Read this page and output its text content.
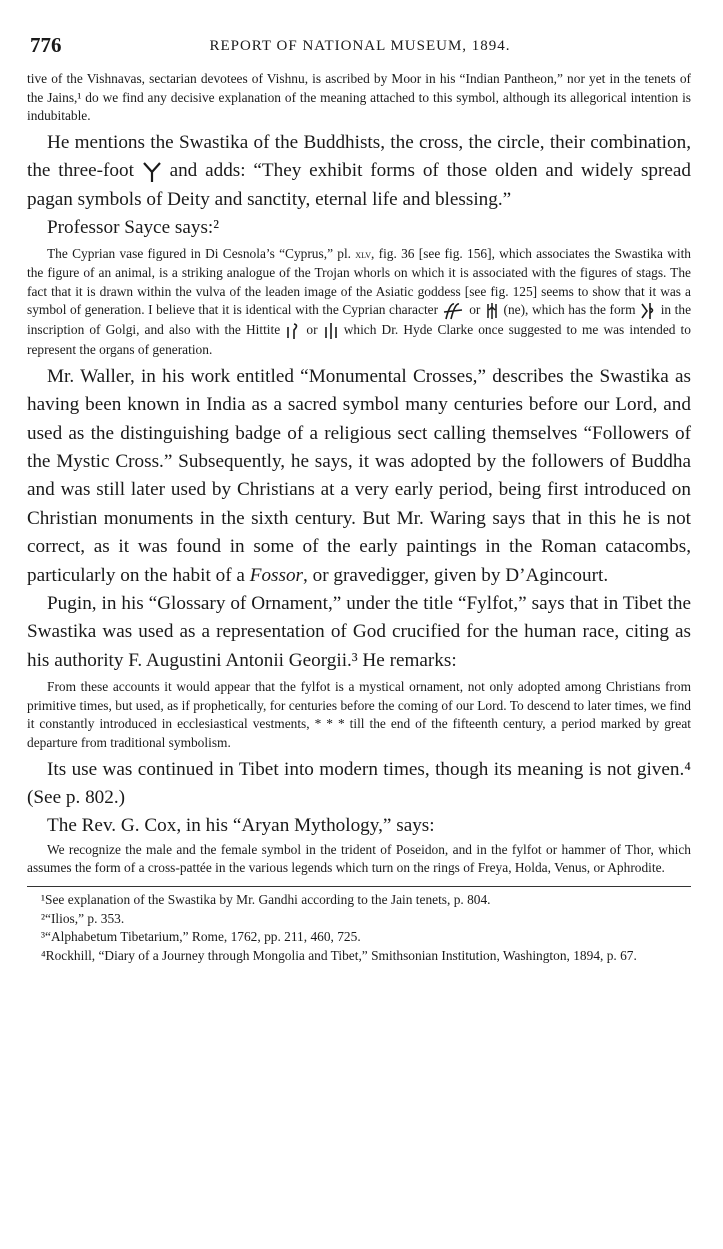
776	REPORT OF NATIONAL MUSEUM, 1894.

tive of the Vishnavas, sectarian devotees of Vishnu, is ascribed by Moor in his “Indian Pantheon,” nor yet in the tenets of the Jains,¹ do we find any decisive explanation of the meaning attached to this symbol, although its allegorical intention is indubitable.

He mentions the Swastika of the Buddhists, the cross, the circle, their combination, the three-foot and adds: “They exhibit forms of those olden and widely spread pagan symbols of Deity and sanctity, eternal life and blessing.”

Professor Sayce says:²

The Cyprian vase figured in Di Cesnola’s “Cyprus,” pl. xlv, fig. 36 [see fig. 156], which associates the Swastika with the figure of an animal, is a striking analogue of the Trojan whorls on which it is associated with the figures of stags. The fact that it is drawn within the vulva of the leaden image of the Asiatic goddess [see fig. 125] seems to show that it was a symbol of generation. I believe that it is identical with the Cyprian character or (ne), which has the form in the inscription of Golgi, and also with the Hittite or which Dr. Hyde Clarke once suggested to me was intended to represent the organs of generation.

Mr. Waller, in his work entitled “Monumental Crosses,” describes the Swastika as having been known in India as a sacred symbol many centuries before our Lord, and used as the distinguishing badge of a religious sect calling themselves “Followers of the Mystic Cross.” Subsequently, he says, it was adopted by the followers of Buddha and was still later used by Christians at a very early period, being first introduced on Christian monuments in the sixth century. But Mr. Waring says that in this he is not correct, as it was found in some of the early paintings in the Roman catacombs, particularly on the habit of a Fossor, or gravedigger, given by D’Agincourt.

Pugin, in his “Glossary of Ornament,” under the title “Fylfot,” says that in Tibet the Swastika was used as a representation of God crucified for the human race, citing as his authority F. Augustini Antonii Georgii.³ He remarks:

From these accounts it would appear that the fylfot is a mystical ornament, not only adopted among Christians from primitive times, but used, as if prophetically, for centuries before the coming of our Lord. To descend to later times, we find it constantly introduced in ecclesiastical vestments, * * * till the end of the fifteenth century, a period marked by great departure from traditional symbolism.

Its use was continued in Tibet into modern times, though its meaning is not given.⁴ (See p. 802.)

The Rev. G. Cox, in his “Aryan Mythology,” says:

We recognize the male and the female symbol in the trident of Poseidon, and in the fylfot or hammer of Thor, which assumes the form of a cross-pattée in the various legends which turn on the rings of Freya, Holda, Venus, or Aphrodite.

¹See explanation of the Swastika by Mr. Gandhi according to the Jain tenets, p. 804.

²“Ilios,” p. 353.

³“Alphabetum Tibetarium,” Rome, 1762, pp. 211, 460, 725.

⁴Rockhill, “Diary of a Journey through Mongolia and Tibet,” Smithsonian Institution, Washington, 1894, p. 67.
